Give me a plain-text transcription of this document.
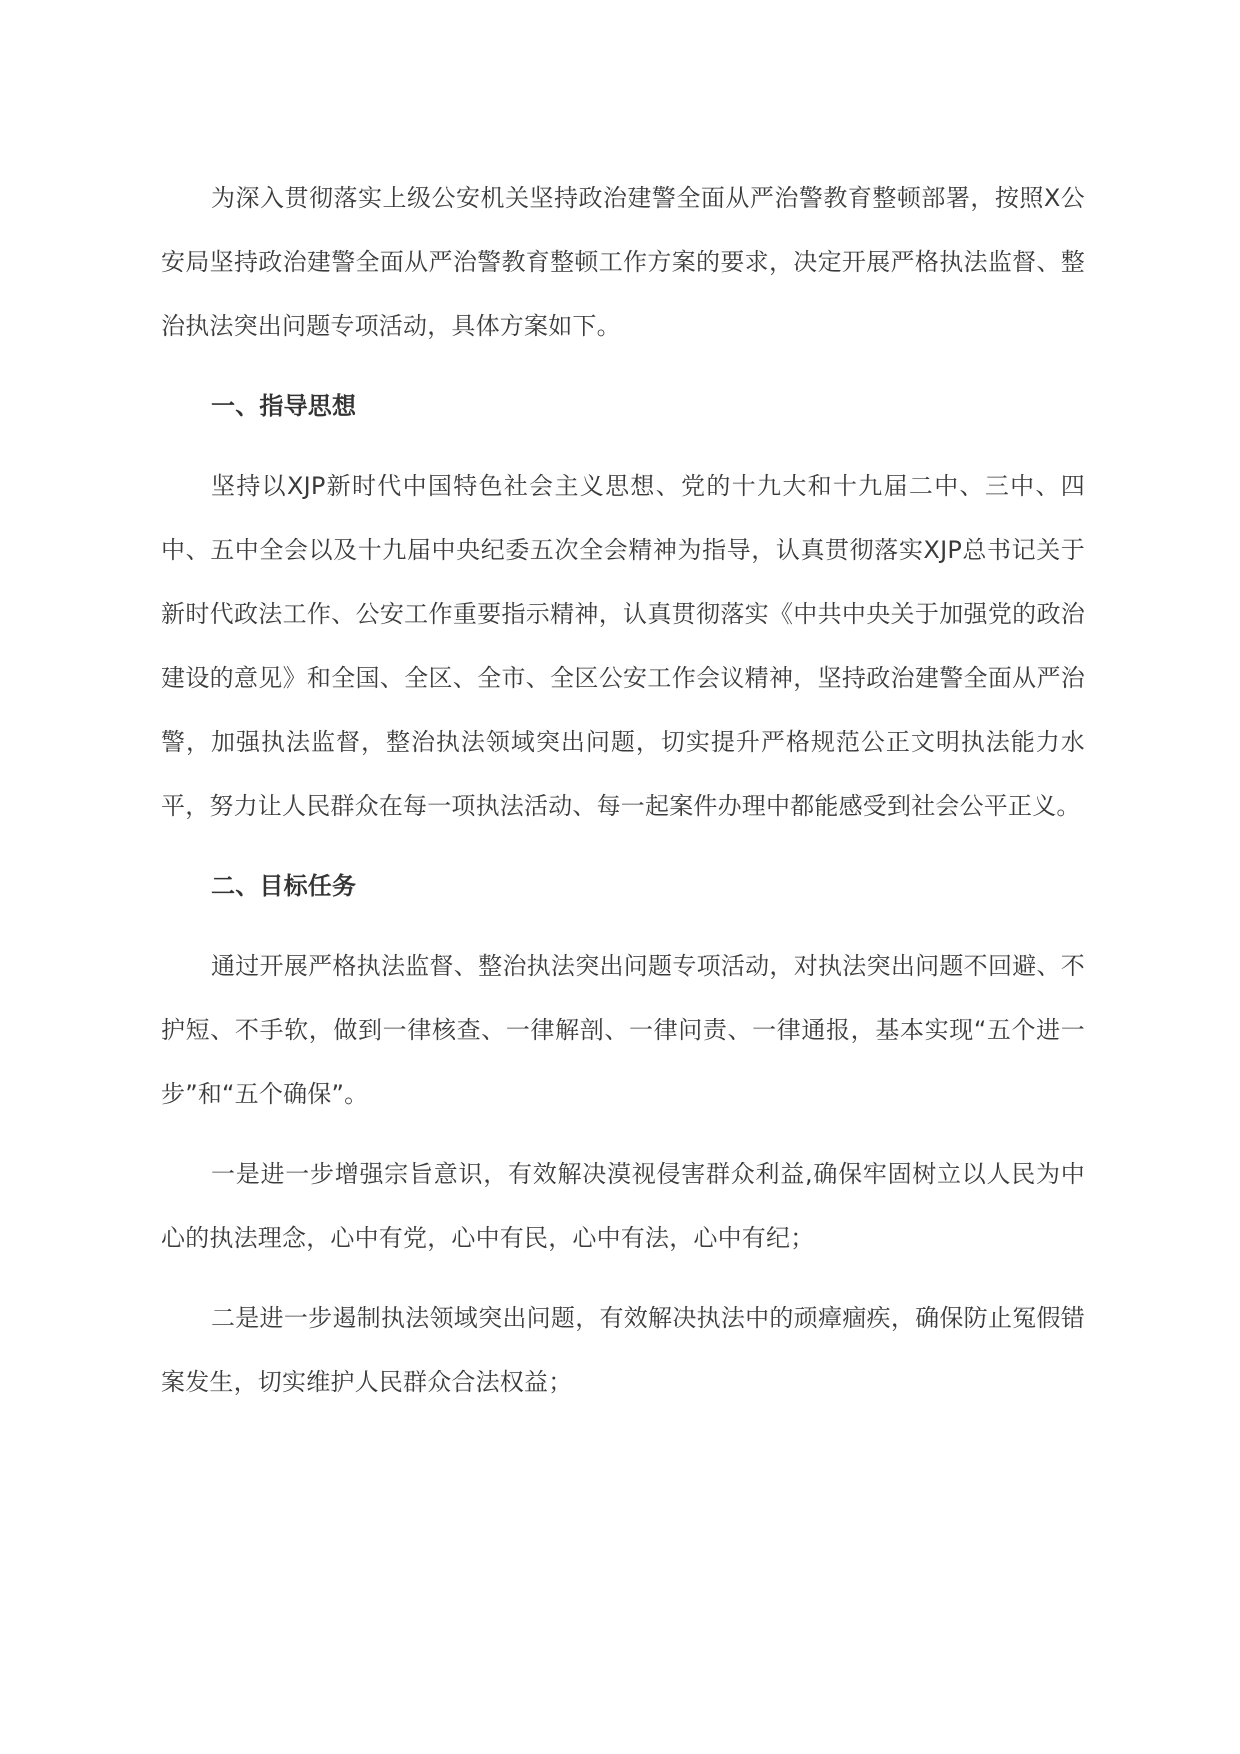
为深入贯彻落实上级公安机关坚持政治建警全面从严治警教育整顿部署，按照X公安局坚持政治建警全面从严治警教育整顿工作方案的要求，决定开展严格执法监督、整治执法突出问题专项活动，具体方案如下。

一、指导思想

坚持以XJP新时代中国特色社会主义思想、党的十九大和十九届二中、三中、四中、五中全会以及十九届中央纪委五次全会精神为指导，认真贯彻落实XJP总书记关于新时代政法工作、公安工作重要指示精神，认真贯彻落实《中共中央关于加强党的政治建设的意见》和全国、全区、全市、全区公安工作会议精神，坚持政治建警全面从严治警，加强执法监督，整治执法领域突出问题，切实提升严格规范公正文明执法能力水平，努力让人民群众在每一项执法活动、每一起案件办理中都能感受到社会公平正义。

二、目标任务

通过开展严格执法监督、整治执法突出问题专项活动，对执法突出问题不回避、不护短、不手软，做到一律核查、一律解剖、一律问责、一律通报，基本实现“五个进一步”和“五个确保”。

一是进一步增强宗旨意识，有效解决漠视侵害群众利益,确保牢固树立以人民为中心的执法理念，心中有党，心中有民，心中有法，心中有纪；

二是进一步遏制执法领域突出问题，有效解决执法中的顽瘴痼疾，确保防止冤假错案发生，切实维护人民群众合法权益；
